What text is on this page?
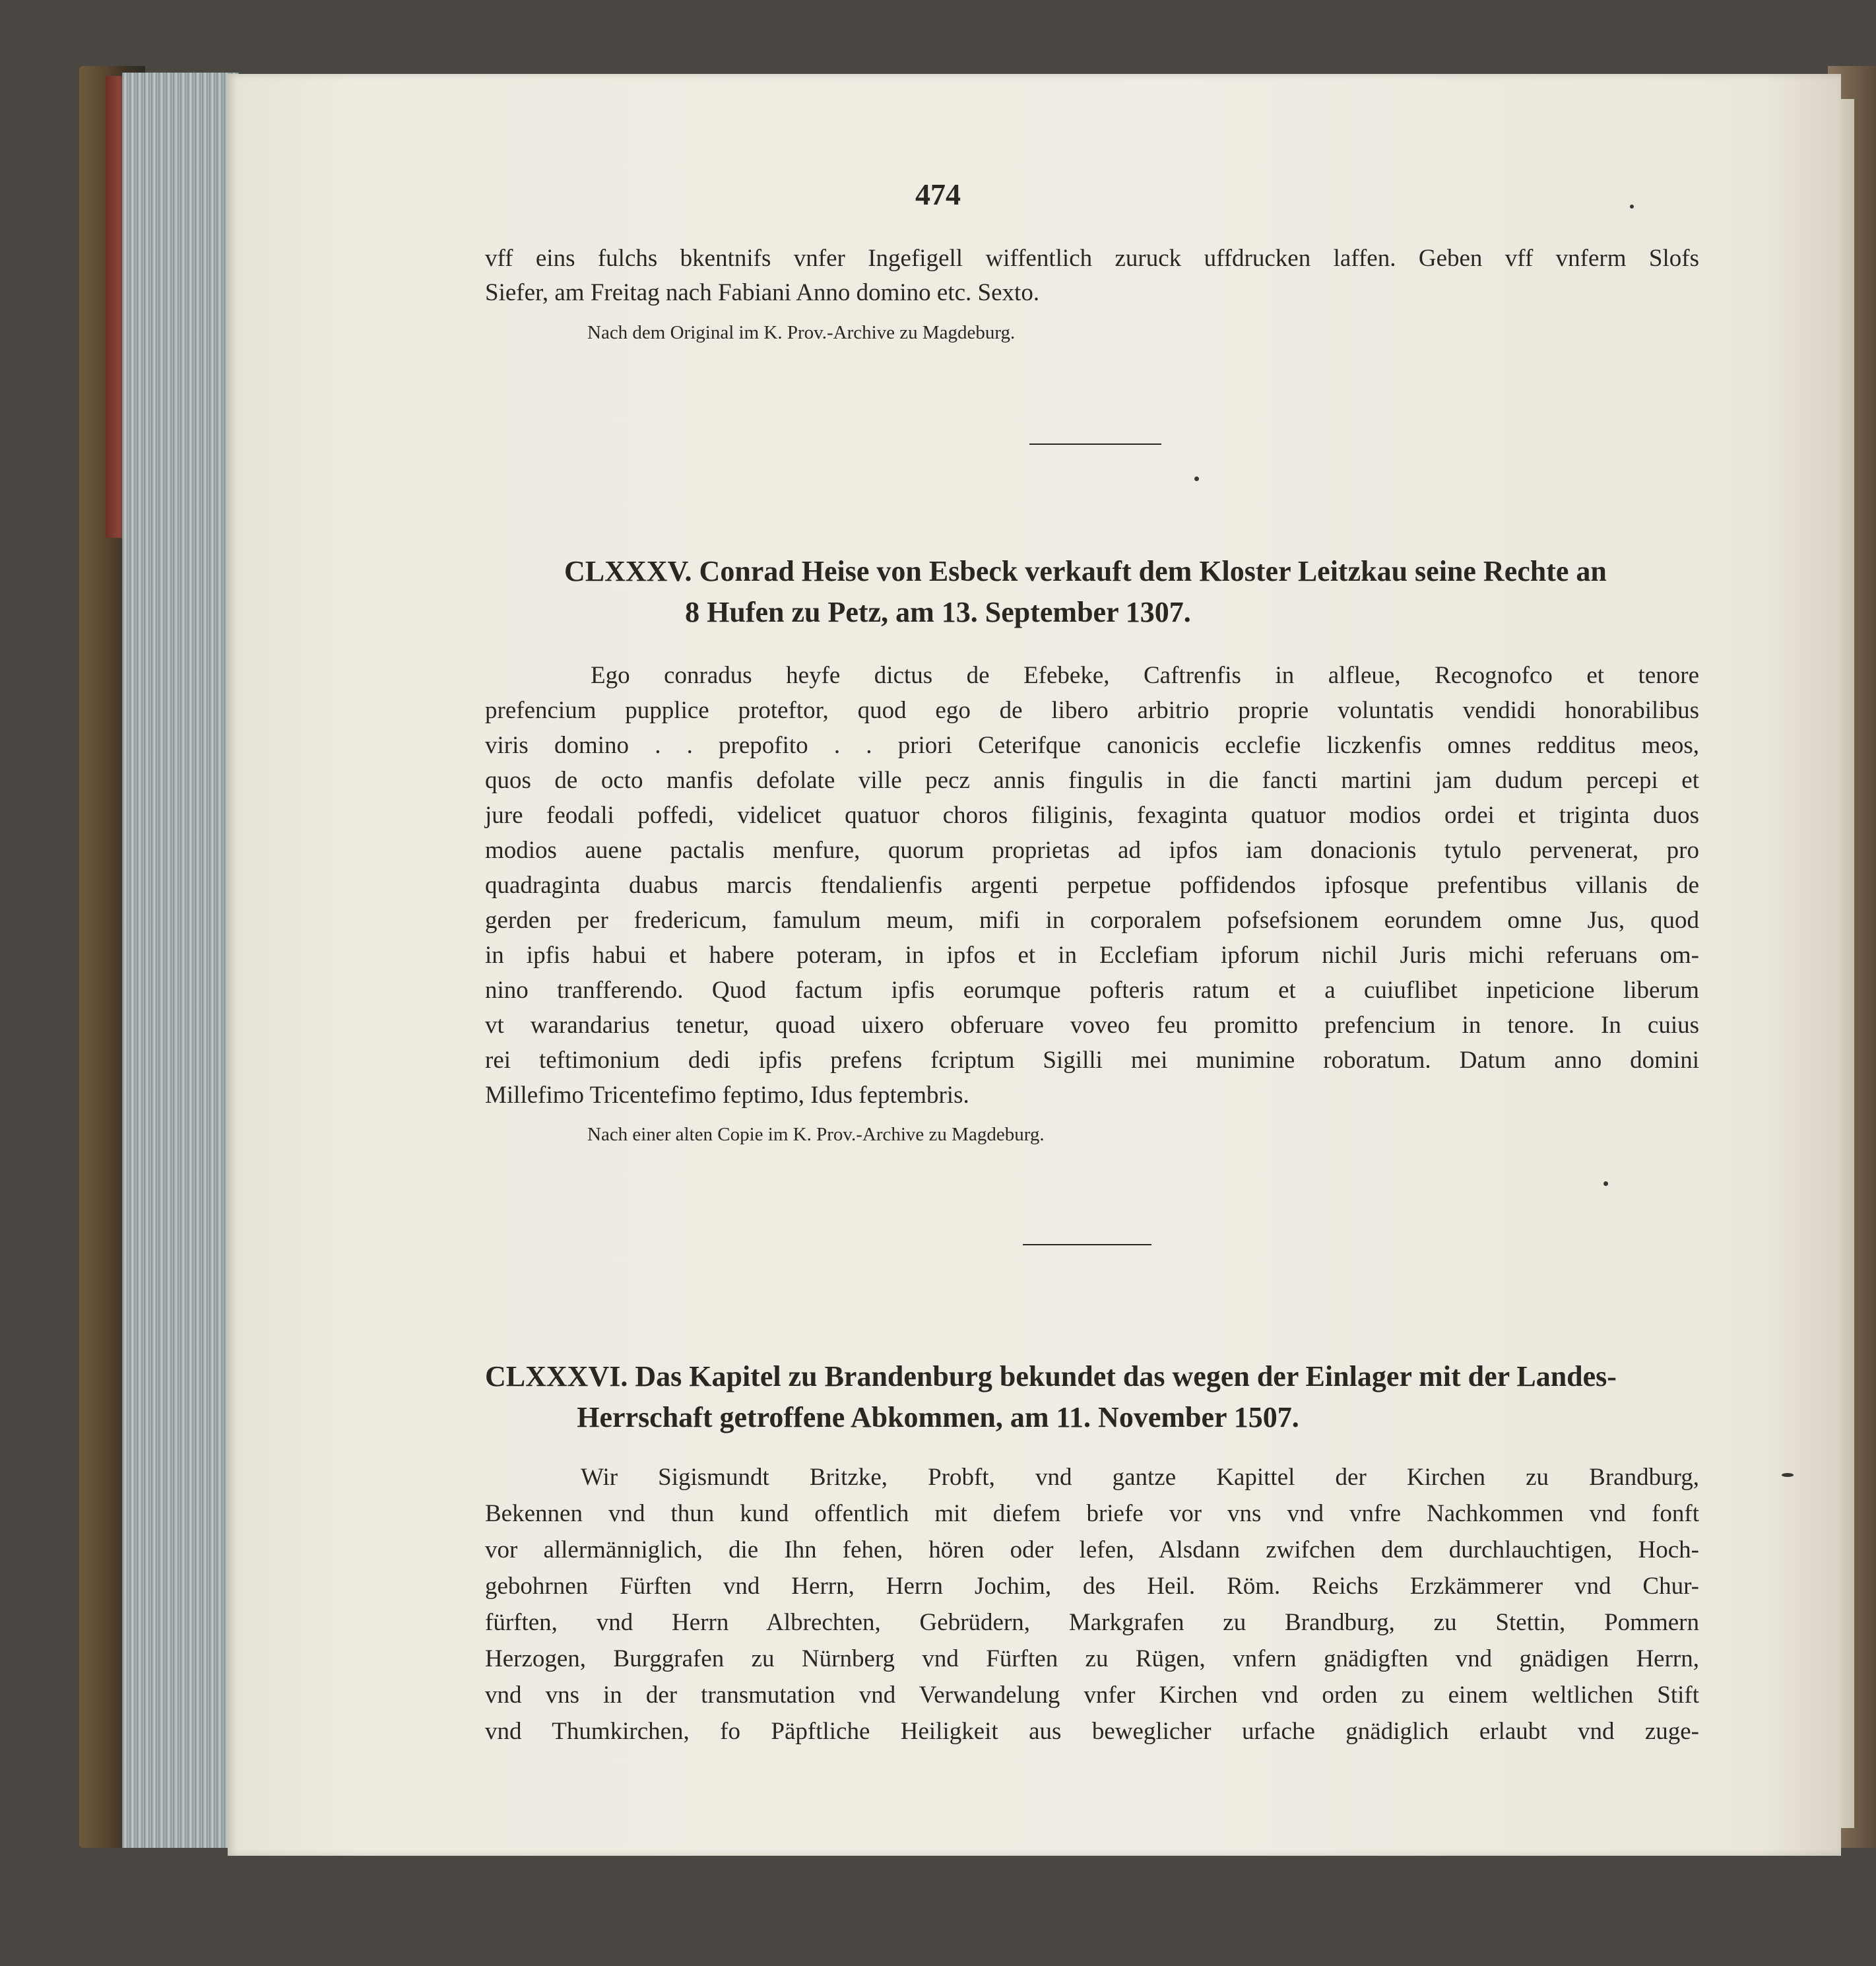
474
vff eins fulchs bkentnifs vnfer Ingefigell wiffentlich zuruck uffdrucken laffen. Geben vff vnferm Slofs
Siefer, am Freitag nach Fabiani Anno domino etc. Sexto.
Nach dem Original im K. Prov.-Archive zu Magdeburg.
CLXXXV. Conrad Heise von Esbeck verkauft dem Kloster Leitzkau seine Rechte an
8 Hufen zu Petz, am 13. September 1307.
Ego conradus heyfe dictus de Efebeke, Caftrenfis in alfleue, Recognofco et tenore
prefencium pupplice proteftor, quod ego de libero arbitrio proprie voluntatis vendidi honorabilibus
viris domino . . prepofito . . priori Ceterifque canonicis ecclefie liczkenfis omnes redditus meos,
quos de octo manfis defolate ville pecz annis fingulis in die fancti martini jam dudum percepi et
jure feodali poffedi, videlicet quatuor choros filiginis, fexaginta quatuor modios ordei et triginta duos
modios auene pactalis menfure, quorum proprietas ad ipfos iam donacionis tytulo pervenerat, pro
quadraginta duabus marcis ftendalienfis argenti perpetue poffidendos ipfosque prefentibus villanis de
gerden per fredericum, famulum meum, mifi in corporalem pofsefsionem eorundem omne Jus, quod
in ipfis habui et habere poteram, in ipfos et in Ecclefiam ipforum nichil Juris michi referuans om-
nino tranfferendo. Quod factum ipfis eorumque pofteris ratum et a cuiuflibet inpeticione liberum
vt warandarius tenetur, quoad uixero obferuare voveo feu promitto prefencium in tenore. In cuius
rei teftimonium dedi ipfis prefens fcriptum Sigilli mei munimine roboratum. Datum anno domini
Millefimo Tricentefimo feptimo, Idus feptembris.
Nach einer alten Copie im K. Prov.-Archive zu Magdeburg.
CLXXXVI. Das Kapitel zu Brandenburg bekundet das wegen der Einlager mit der Landes-
Herrschaft getroffene Abkommen, am 11. November 1507.
Wir Sigismundt Britzke, Probft, vnd gantze Kapittel der Kirchen zu Brandburg,
Bekennen vnd thun kund offentlich mit diefem briefe vor vns vnd vnfre Nachkommen vnd fonft
vor allermänniglich, die Ihn fehen, hören oder lefen, Alsdann zwifchen dem durchlauchtigen, Hoch-
gebohrnen Fürften vnd Herrn, Herrn Jochim, des Heil. Röm. Reichs Erzkämmerer vnd Chur-
fürften, vnd Herrn Albrechten, Gebrüdern, Markgrafen zu Brandburg, zu Stettin, Pommern
Herzogen, Burggrafen zu Nürnberg vnd Fürften zu Rügen, vnfern gnädigften vnd gnädigen Herrn,
vnd vns in der transmutation vnd Verwandelung vnfer Kirchen vnd orden zu einem weltlichen Stift
vnd Thumkirchen, fo Päpftliche Heiligkeit aus beweglicher urfache gnädiglich erlaubt vnd zuge-
